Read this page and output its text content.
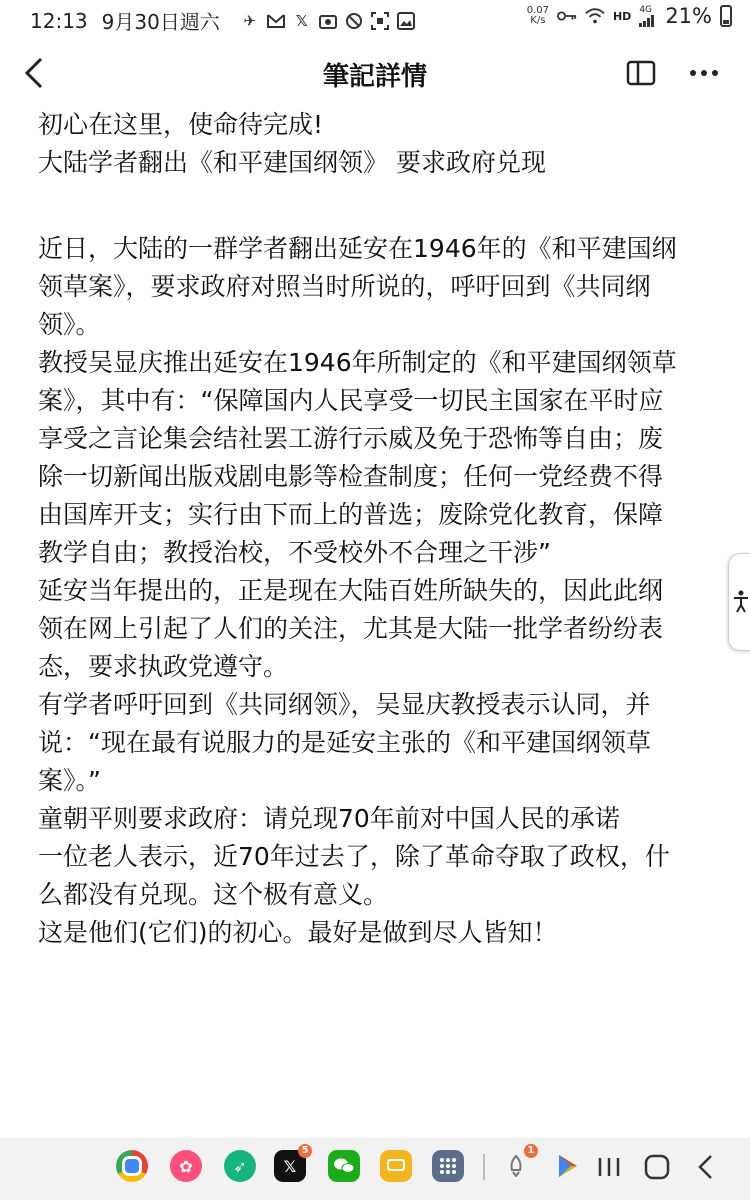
12:13 9月30日週六 ✈	𝕏
0.07
K/s	HD 4G 21%
筆記詳情

初心在这里，使命待完成!

大陆学者翻出《和平建国纲领》 要求政府兑现

近日，大陆的一群学者翻出延安在1946年的《和平建国纲

领草案》，要求政府对照当时所说的，呼吁回到《共同纲

领》。

教授吴显庆推出延安在1946年所制定的《和平建国纲领草

案》，其中有：“保障国内人民享受一切民主国家在平时应

享受之言论集会结社罢工游行示威及免于恐怖等自由；废

除一切新闻出版戏剧电影等检查制度；任何一党经费不得

由国库开支；实行由下而上的普选；废除党化教育，保障

教学自由；教授治校，不受校外不合理之干涉”

延安当年提出的，正是现在大陆百姓所缺失的，因此此纲

领在网上引起了人们的关注，尤其是大陆一批学者纷纷表

态，要求执政党遵守。

有学者呼吁回到《共同纲领》，吴显庆教授表示认同，并

说：“现在最有说服力的是延安主张的《和平建国纲领草

案》。”

童朝平则要求政府：请兑现70年前对中国人民的承诺

一位老人表示，近70年过去了，除了革命夺取了政权，什

么都没有兑现。这个极有意义。

这是他们(它们)的初心。最好是做到尽人皆知！

✿	➶	𝕏
5	1
